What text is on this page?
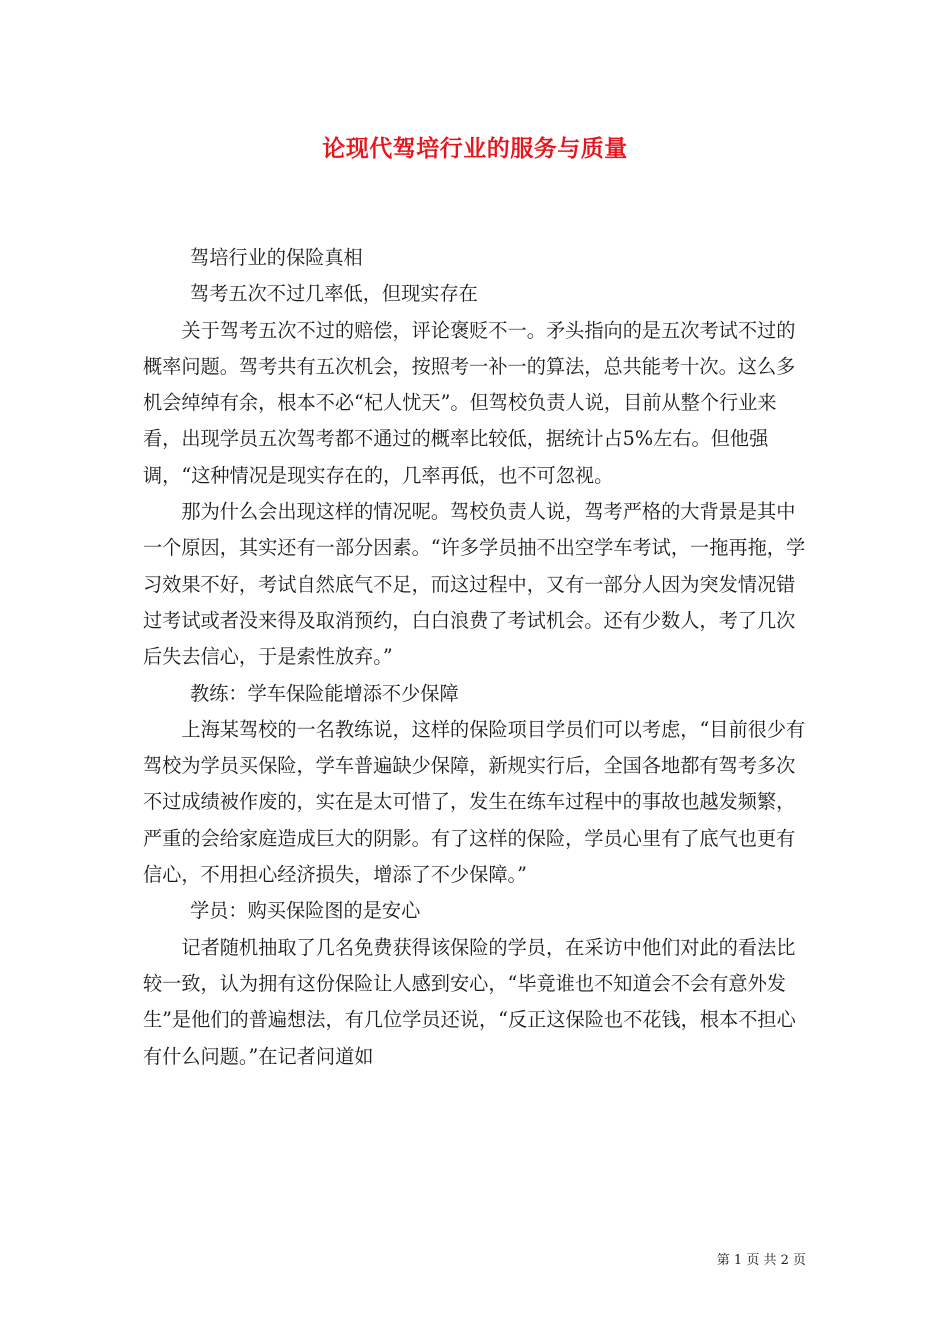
论现代驾培行业的服务与质量

驾培行业的保险真相

驾考五次不过几率低，但现实存在

关于驾考五次不过的赔偿，评论褒贬不一。矛头指向的是五次考试不过的概率问题。驾考共有五次机会，按照考一补一的算法，总共能考十次。这么多机会绰绰有余，根本不必“杞人忧天”。但驾校负责人说，目前从整个行业来看，出现学员五次驾考都不通过的概率比较低，据统计占5%左右。但他强调，“这种情况是现实存在的，几率再低，也不可忽视。

那为什么会出现这样的情况呢。驾校负责人说，驾考严格的大背景是其中一个原因，其实还有一部分因素。“许多学员抽不出空学车考试，一拖再拖，学习效果不好，考试自然底气不足，而这过程中，又有一部分人因为突发情况错过考试或者没来得及取消预约，白白浪费了考试机会。还有少数人，考了几次后失去信心，于是索性放弃。”

教练：学车保险能增添不少保障

上海某驾校的一名教练说，这样的保险项目学员们可以考虑，“目前很少有驾校为学员买保险，学车普遍缺少保障，新规实行后，全国各地都有驾考多次不过成绩被作废的，实在是太可惜了，发生在练车过程中的事故也越发频繁，严重的会给家庭造成巨大的阴影。有了这样的保险，学员心里有了底气也更有信心，不用担心经济损失，增添了不少保障。”

学员：购买保险图的是安心

记者随机抽取了几名免费获得该保险的学员，在采访中他们对此的看法比较一致，认为拥有这份保险让人感到安心，“毕竟谁也不知道会不会有意外发生”是他们的普遍想法，有几位学员还说，“反正这保险也不花钱，根本不担心有什么问题。”在记者问道如

第 1 页 共 2 页
